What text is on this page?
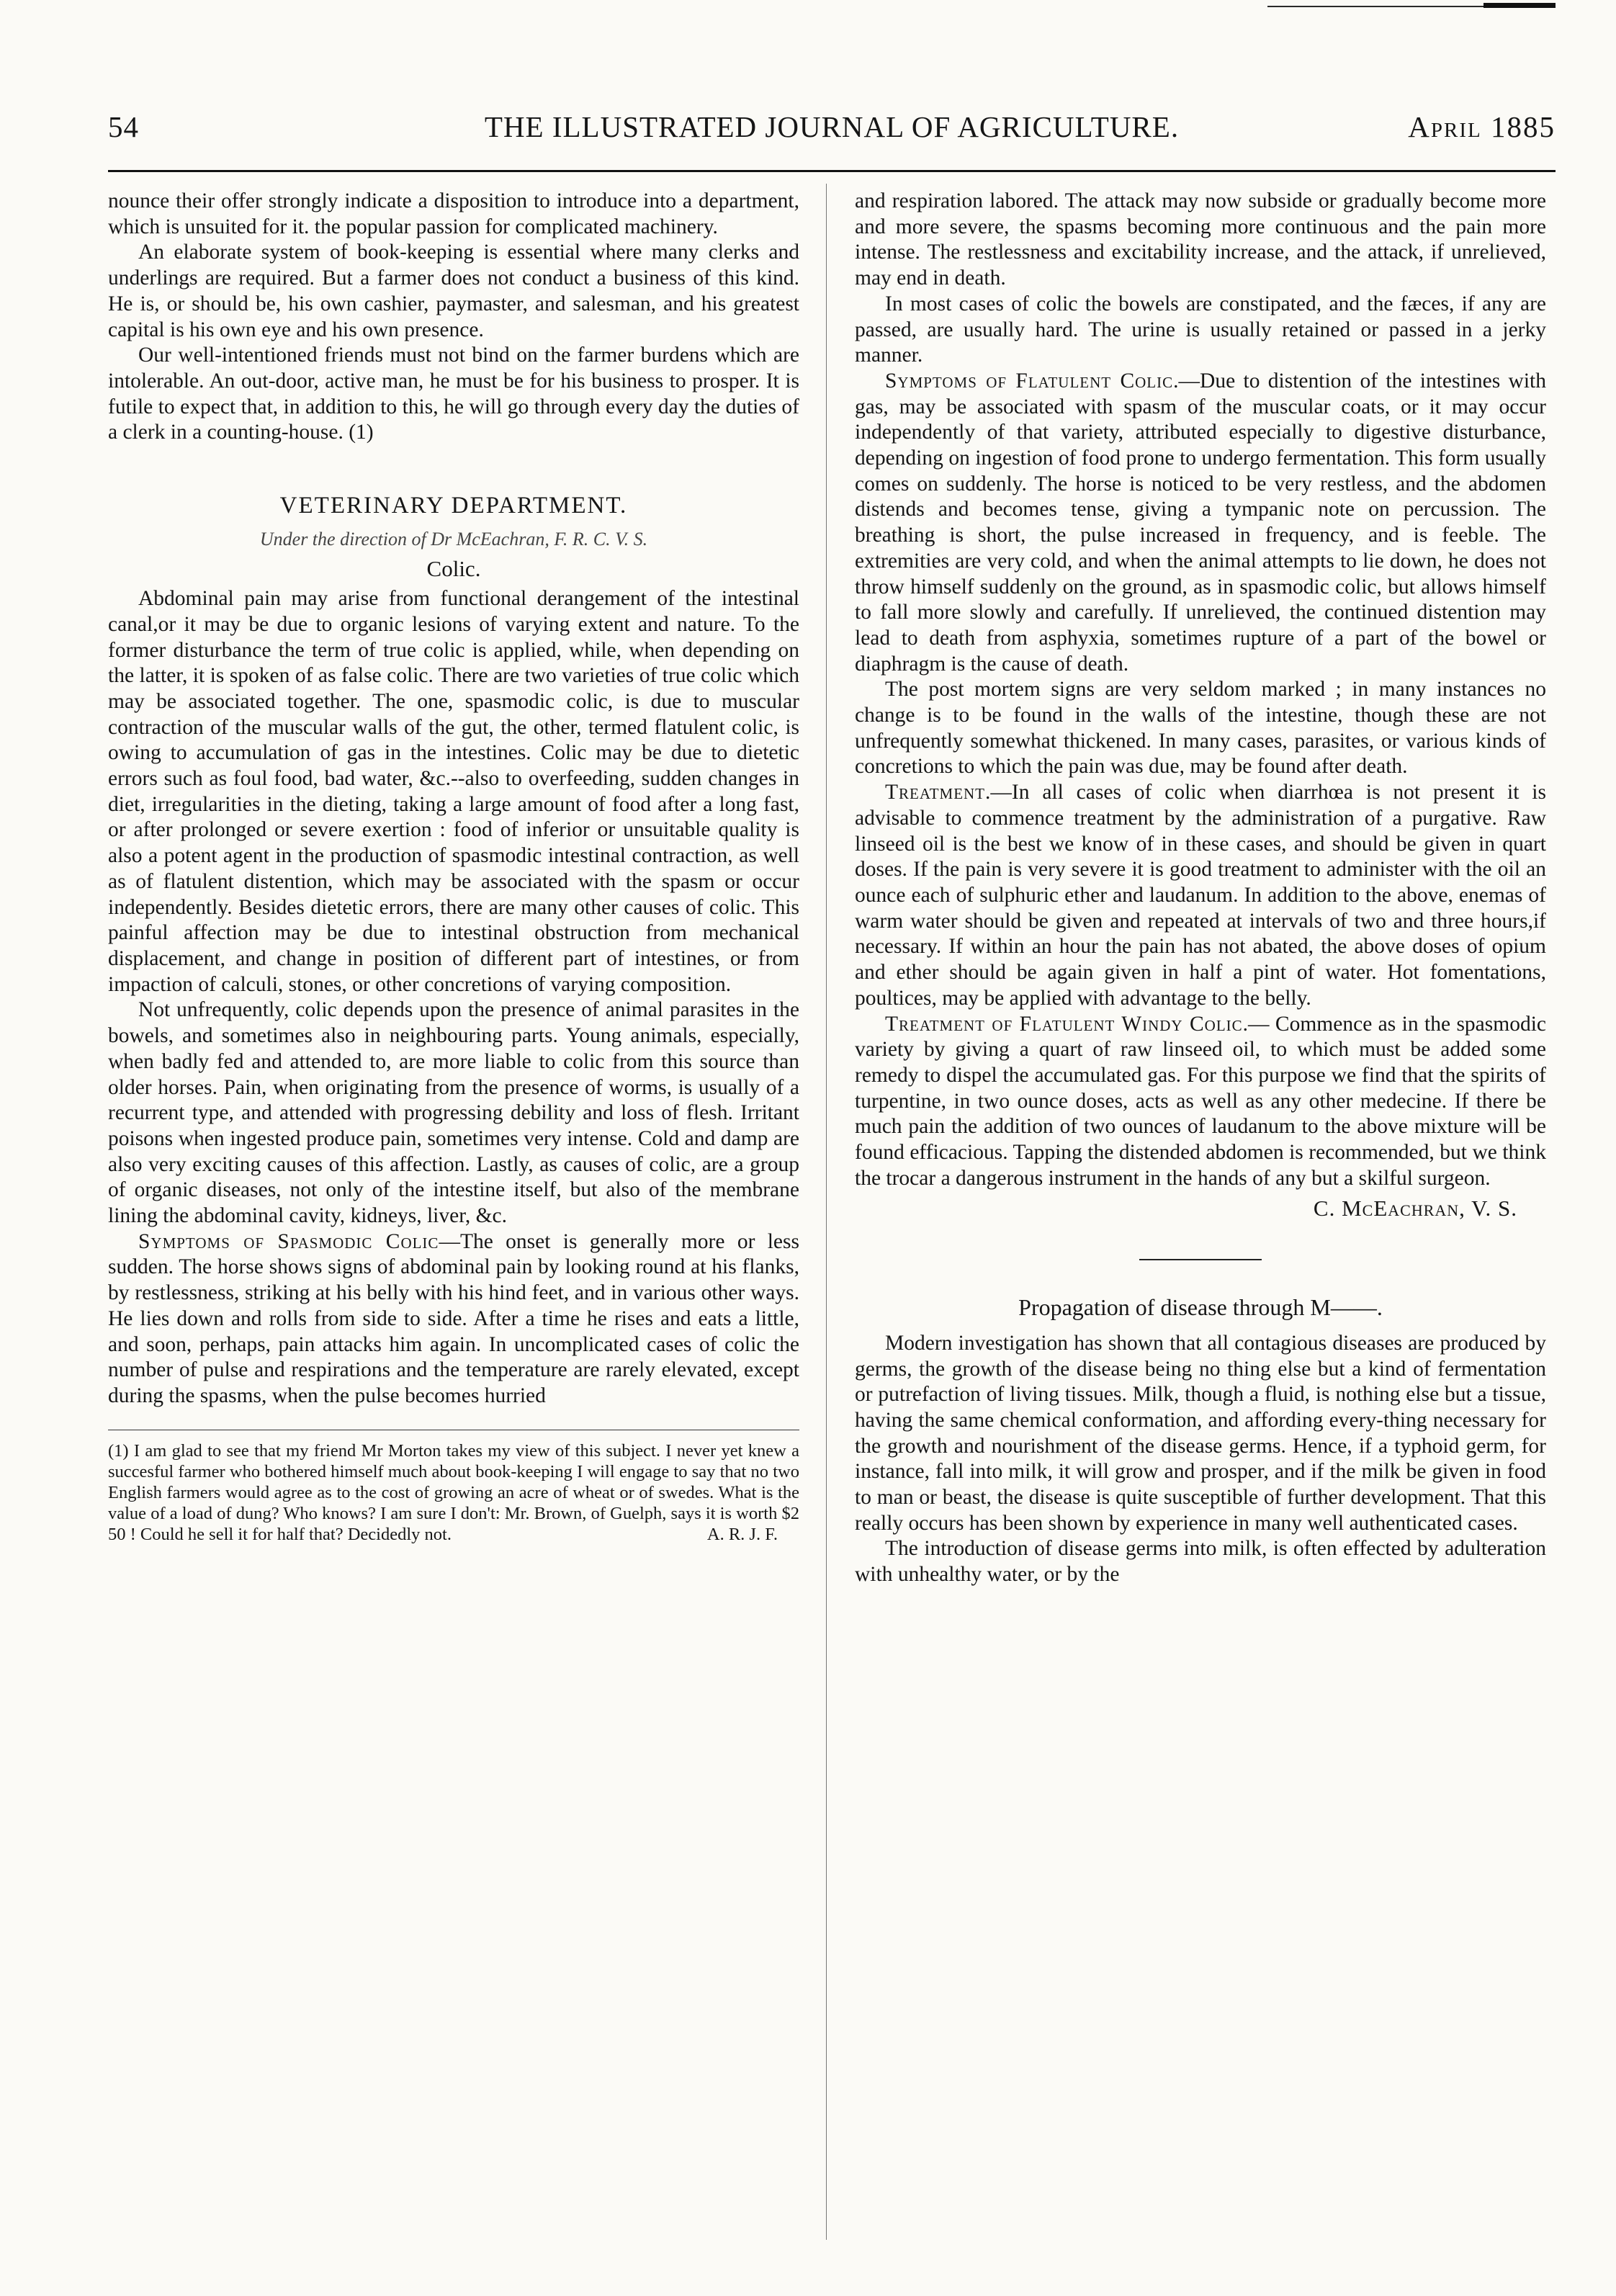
54	THE ILLUSTRATED JOURNAL OF AGRICULTURE.	April 1885

nounce their offer strongly indicate a disposition to introduce into a department, which is unsuited for it. the popular passion for complicated machinery.

An elaborate system of book-keeping is essential where many clerks and underlings are required. But a farmer does not conduct a business of this kind. He is, or should be, his own cashier, paymaster, and salesman, and his greatest capital is his own eye and his own presence.

Our well-intentioned friends must not bind on the farmer burdens which are intolerable. An out-door, active man, he must be for his business to prosper. It is futile to expect that, in addition to this, he will go through every day the duties of a clerk in a counting-house. (1)

VETERINARY DEPARTMENT.
Under the direction of Dr McEachran, F. R. C. V. S.
Colic.

Abdominal pain may arise from functional derangement of the intestinal canal,or it may be due to organic lesions of varying extent and nature. To the former disturbance the term of true colic is applied, while, when depending on the latter, it is spoken of as false colic. There are two varieties of true colic which may be associated together. The one, spasmodic colic, is due to muscular contraction of the muscular walls of the gut, the other, termed flatulent colic, is owing to accumulation of gas in the intestines. Colic may be due to dietetic errors such as foul food, bad water, &c.--also to overfeeding, sudden changes in diet, irregularities in the dieting, taking a large amount of food after a long fast, or after prolonged or severe exertion : food of inferior or unsuitable quality is also a potent agent in the production of spasmodic intestinal contraction, as well as of flatulent distention, which may be associated with the spasm or occur independently. Besides dietetic errors, there are many other causes of colic. This painful affection may be due to intestinal obstruction from mechanical displacement, and change in position of different part of intestines, or from impaction of calculi, stones, or other concretions of varying composition.

Not unfrequently, colic depends upon the presence of animal parasites in the bowels, and sometimes also in neighbouring parts. Young animals, especially, when badly fed and attended to, are more liable to colic from this source than older horses. Pain, when originating from the presence of worms, is usually of a recurrent type, and attended with progressing debility and loss of flesh. Irritant poisons when ingested produce pain, sometimes very intense. Cold and damp are also very exciting causes of this affection. Lastly, as causes of colic, are a group of organic diseases, not only of the intestine itself, but also of the membrane lining the abdominal cavity, kidneys, liver, &c.

Symptoms of Spasmodic Colic—The onset is generally more or less sudden. The horse shows signs of abdominal pain by looking round at his flanks, by restlessness, striking at his belly with his hind feet, and in various other ways. He lies down and rolls from side to side. After a time he rises and eats a little, and soon, perhaps, pain attacks him again. In uncomplicated cases of colic the number of pulse and respirations and the temperature are rarely elevated, except during the spasms, when the pulse becomes hurried

(1) I am glad to see that my friend Mr Morton takes my view of this subject. I never yet knew a succesful farmer who bothered himself much about book-keeping I will engage to say that no two English farmers would agree as to the cost of growing an acre of wheat or of swedes. What is the value of a load of dung? Who knows? I am sure I don't: Mr. Brown, of Guelph, says it is worth $2 50 ! Could he sell it for half that? Decidedly not.	A. R. J. F.

and respiration labored. The attack may now subside or gradually become more and more severe, the spasms becoming more continuous and the pain more intense. The restlessness and excitability increase, and the attack, if unrelieved, may end in death.

In most cases of colic the bowels are constipated, and the fæces, if any are passed, are usually hard. The urine is usually retained or passed in a jerky manner.

Symptoms of Flatulent Colic.—Due to distention of the intestines with gas, may be associated with spasm of the muscular coats, or it may occur independently of that variety, attributed especially to digestive disturbance, depending on ingestion of food prone to undergo fermentation. This form usually comes on suddenly. The horse is noticed to be very restless, and the abdomen distends and becomes tense, giving a tympanic note on percussion. The breathing is short, the pulse increased in frequency, and is feeble. The extremities are very cold, and when the animal attempts to lie down, he does not throw himself suddenly on the ground, as in spasmodic colic, but allows himself to fall more slowly and carefully. If unrelieved, the continued distention may lead to death from asphyxia, sometimes rupture of a part of the bowel or diaphragm is the cause of death.

The post mortem signs are very seldom marked ; in many instances no change is to be found in the walls of the intestine, though these are not unfrequently somewhat thickened. In many cases, parasites, or various kinds of concretions to which the pain was due, may be found after death.

Treatment.—In all cases of colic when diarrhœa is not present it is advisable to commence treatment by the administration of a purgative. Raw linseed oil is the best we know of in these cases, and should be given in quart doses. If the pain is very severe it is good treatment to administer with the oil an ounce each of sulphuric ether and laudanum. In addition to the above, enemas of warm water should be given and repeated at intervals of two and three hours,if necessary. If within an hour the pain has not abated, the above doses of opium and ether should be again given in half a pint of water. Hot fomentations, poultices, may be applied with advantage to the belly.

Treatment of Flatulent Windy Colic.— Commence as in the spasmodic variety by giving a quart of raw linseed oil, to which must be added some remedy to dispel the accumulated gas. For this purpose we find that the spirits of turpentine, in two ounce doses, acts as well as any other medecine. If there be much pain the addition of two ounces of laudanum to the above mixture will be found efficacious. Tapping the distended abdomen is recommended, but we think the trocar a dangerous instrument in the hands of any but a skilful surgeon.

C. McEachran, V. S.
Propagation of disease through M——.

Modern investigation has shown that all contagious diseases are produced by germs, the growth of the disease being no thing else but a kind of fermentation or putrefaction of living tissues. Milk, though a fluid, is nothing else but a tissue, having the same chemical conformation, and affording every-thing necessary for the growth and nourishment of the disease germs. Hence, if a typhoid germ, for instance, fall into milk, it will grow and prosper, and if the milk be given in food to man or beast, the disease is quite susceptible of further development. That this really occurs has been shown by experience in many well authenticated cases.

The introduction of disease germs into milk, is often effected by adulteration with unhealthy water, or by the
